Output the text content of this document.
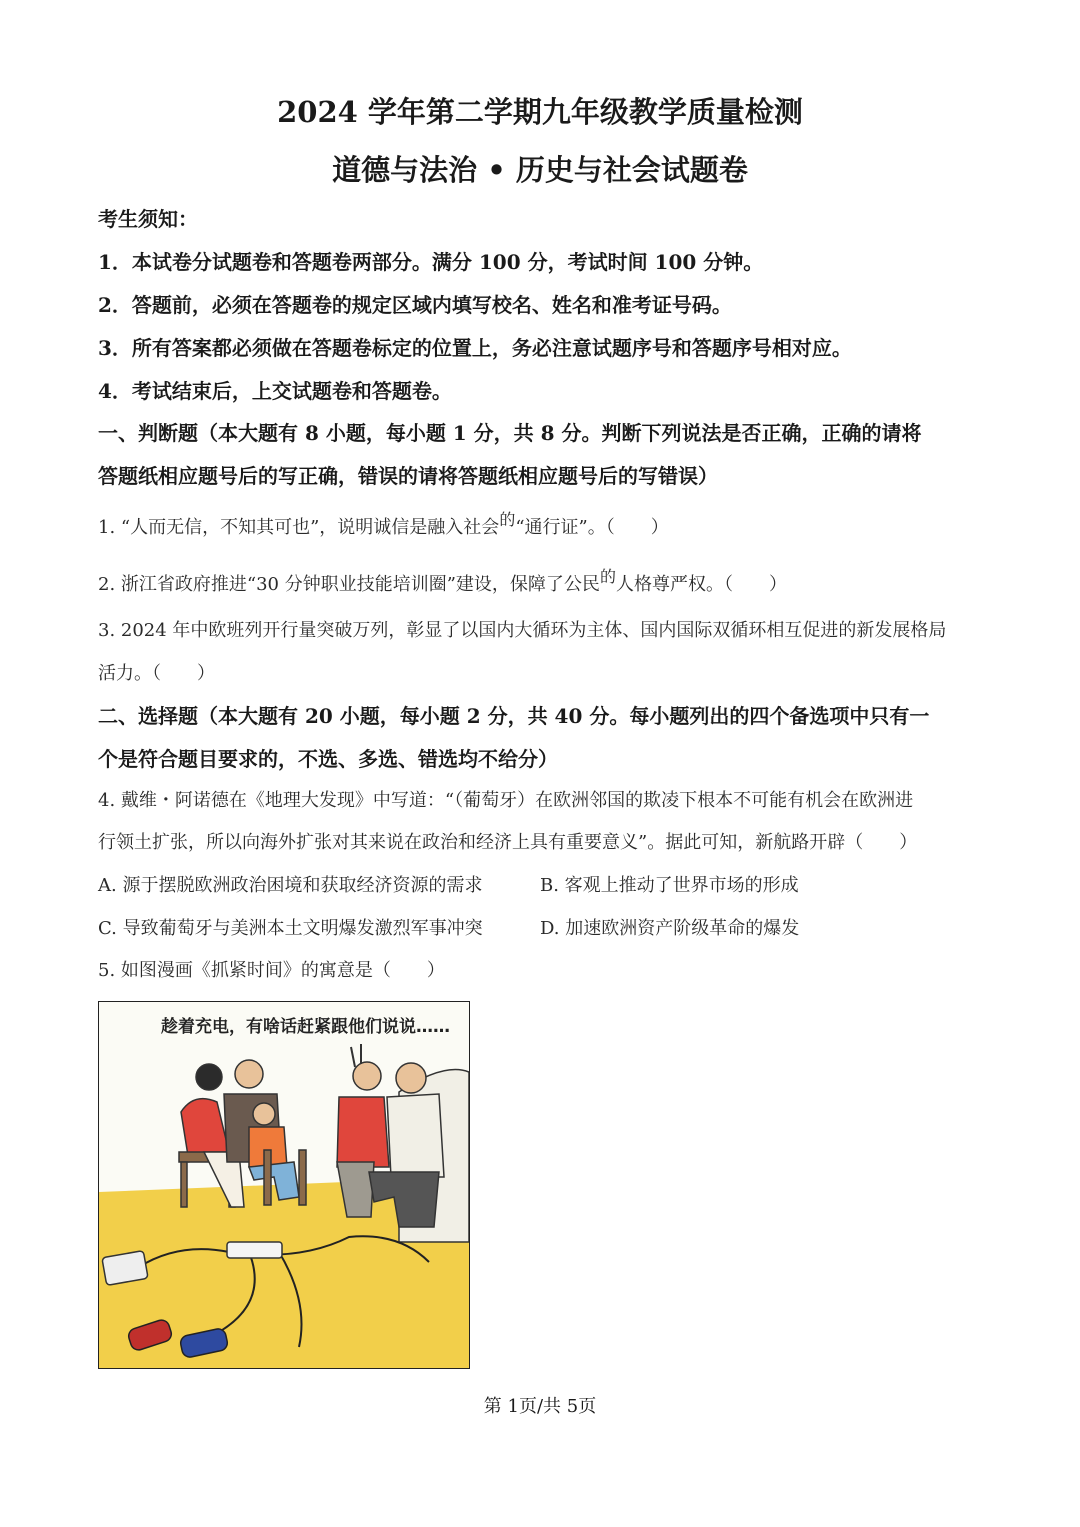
2024 学年第二学期九年级教学质量检测
道德与法治 • 历史与社会试题卷
考生须知：
1．本试卷分试题卷和答题卷两部分。满分 100 分，考试时间 100 分钟。
2．答题前，必须在答题卷的规定区域内填写校名、姓名和准考证号码。
3．所有答案都必须做在答题卷标定的位置上，务必注意试题序号和答题序号相对应。
4．考试结束后，上交试题卷和答题卷。
一、判断题（本大题有 8 小题，每小题 1 分，共 8 分。判断下列说法是否正确，正确的请将
答题纸相应题号后的写正确，错误的请将答题纸相应题号后的写错误）
1. “人而无信，不知其可也”，说明诚信是融入社会的“通行证”。（　　）
2. 浙江省政府推进“30 分钟职业技能培训圈”建设，保障了公民的人格尊严权。（　　）
3. 2024 年中欧班列开行量突破万列，彰显了以国内大循环为主体、国内国际双循环相互促进的新发展格局
活力。（　　）
二、选择题（本大题有 20 小题，每小题 2 分，共 40 分。每小题列出的四个备选项中只有一
个是符合题目要求的，不选、多选、错选均不给分）
4. 戴维・阿诺德在《地理大发现》中写道：“（葡萄牙）在欧洲邻国的欺凌下根本不可能有机会在欧洲进
行领土扩张，所以向海外扩张对其来说在政治和经济上具有重要意义”。据此可知，新航路开辟（　　）
A. 源于摆脱欧洲政治困境和获取经济资源的需求	B. 客观上推动了世界市场的形成
C. 导致葡萄牙与美洲本土文明爆发激烈军事冲突	D. 加速欧洲资产阶级革命的爆发
5. 如图漫画《抓紧时间》的寓意是（　　）
趁着充电，有啥话赶紧跟他们说说……
第 1页/共 5页
